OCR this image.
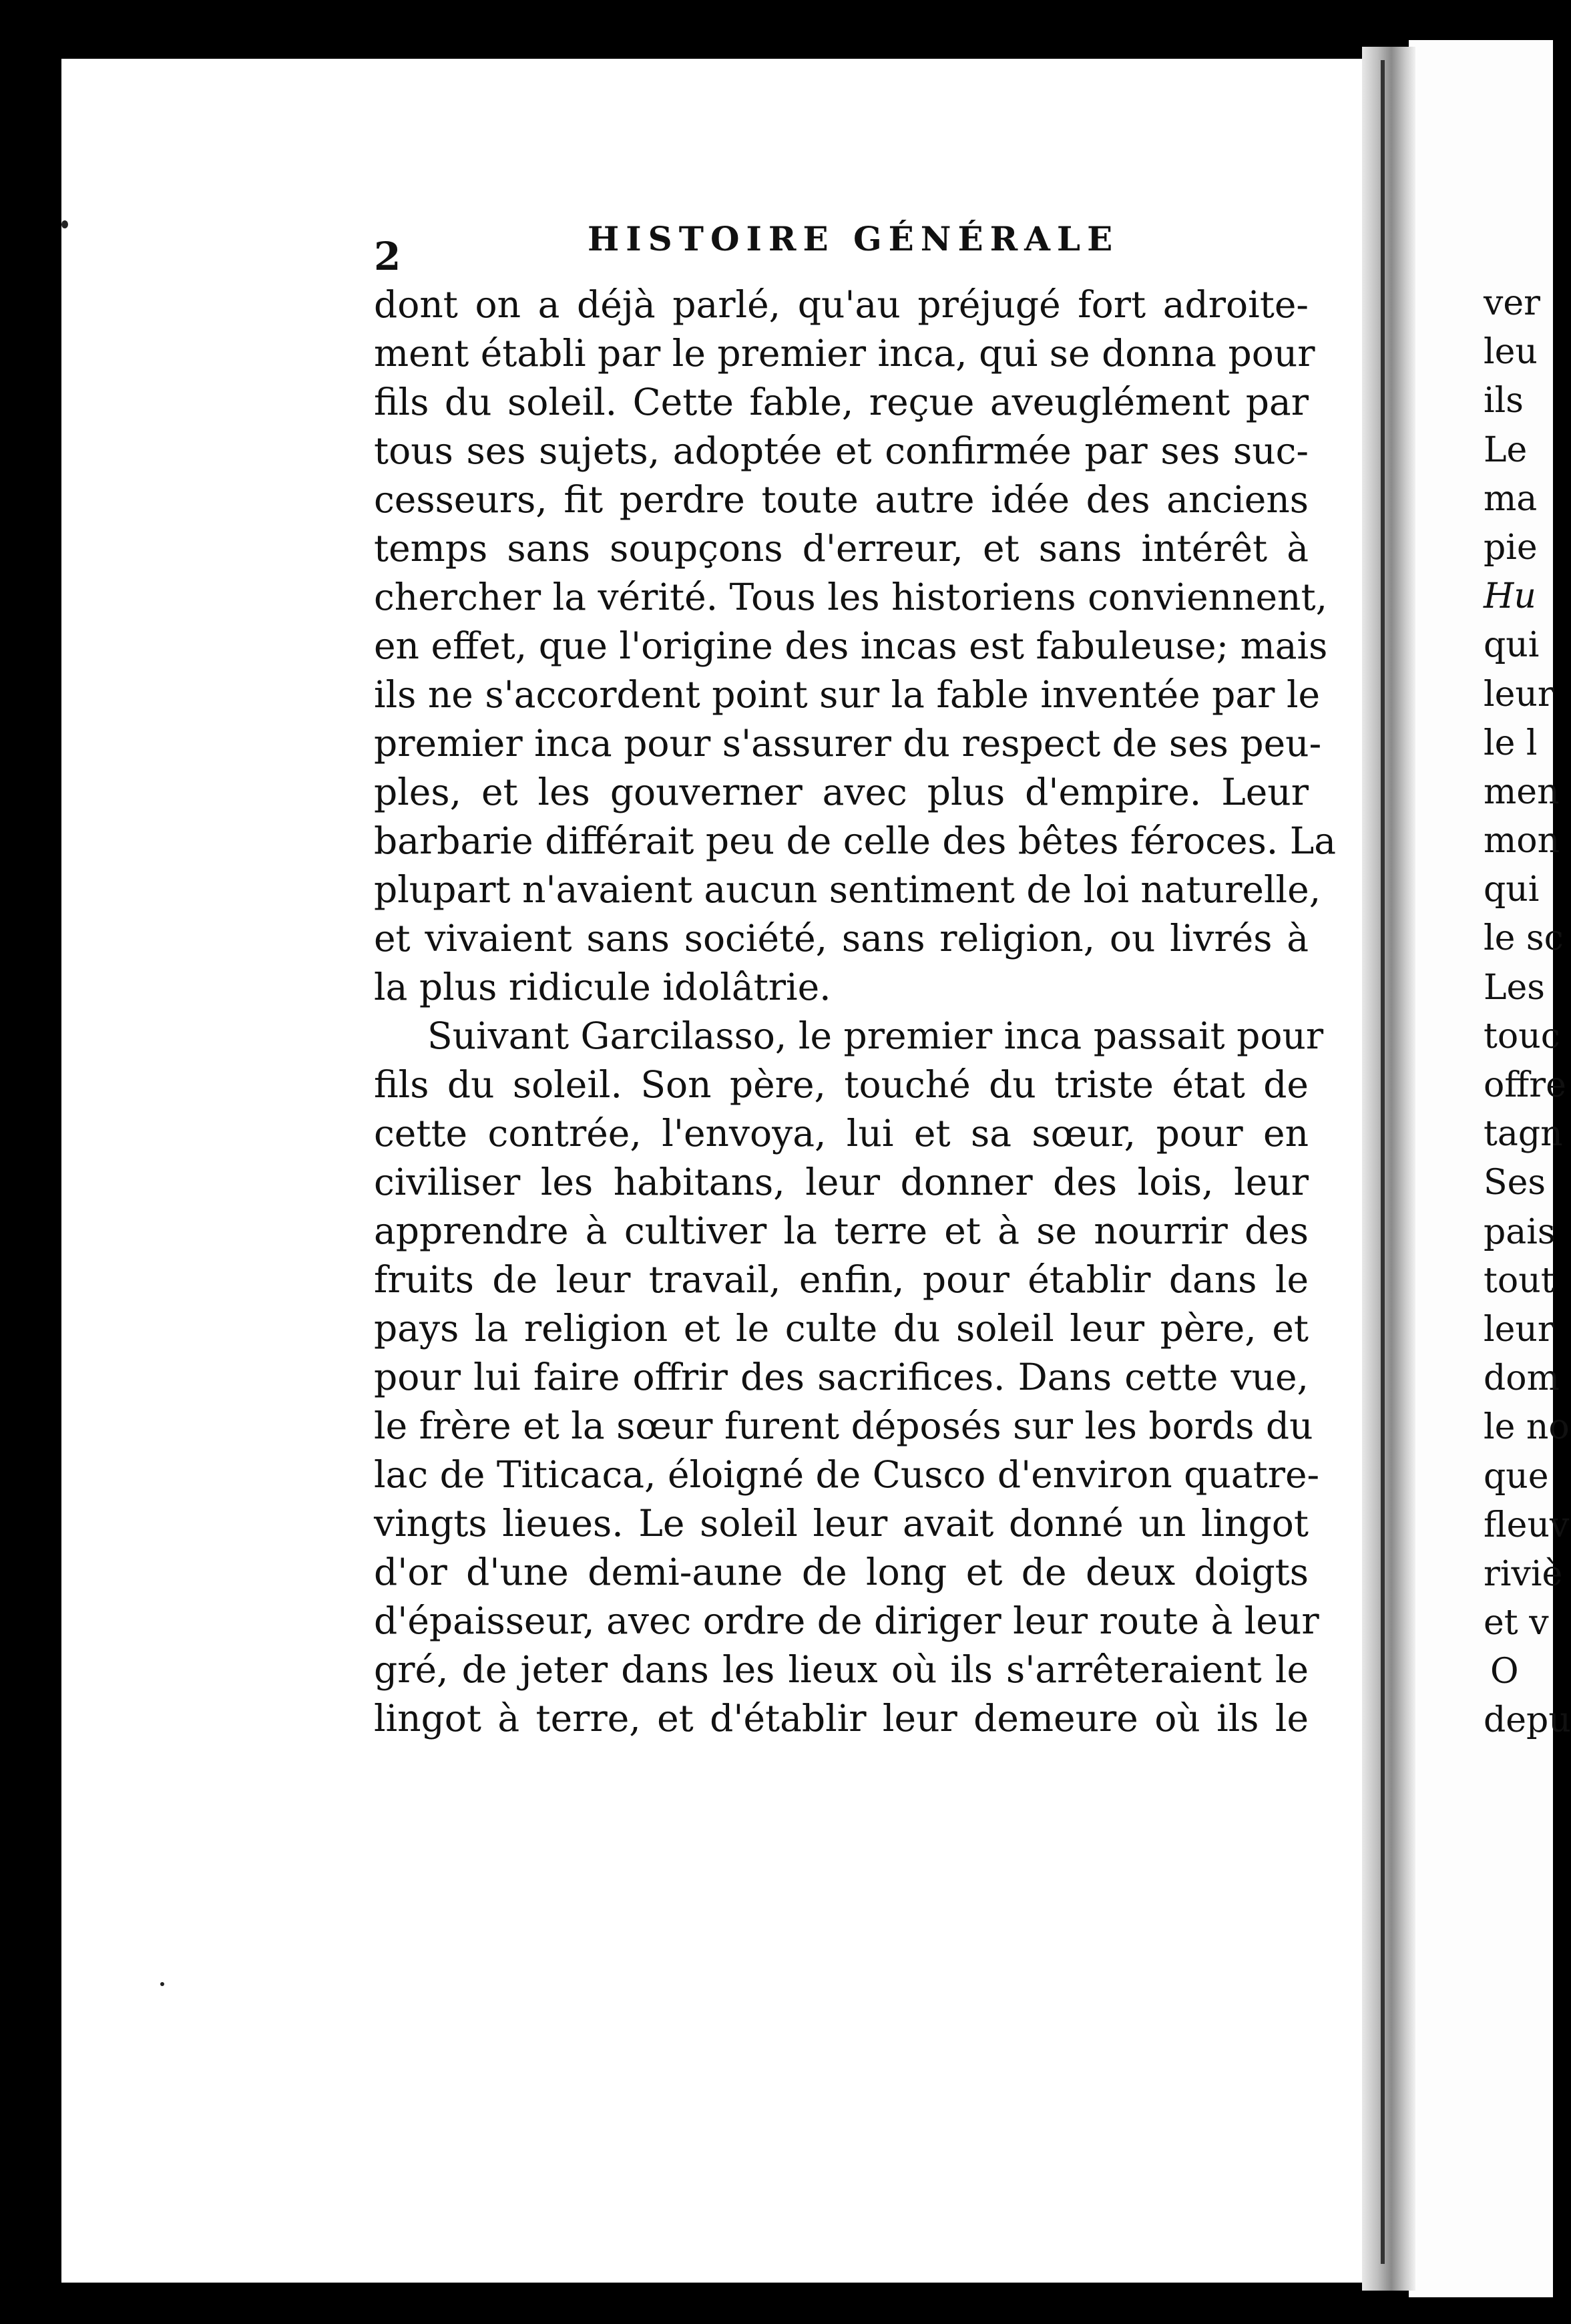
2	HISTOIRE GÉNÉRALE
dont on a déjà parlé, qu'au préjugé fort adroite-
ment établi par le premier inca, qui se donna pour
fils du soleil. Cette fable, reçue aveuglément par
tous ses sujets, adoptée et confirmée par ses suc-
cesseurs, fit perdre toute autre idée des anciens
temps sans soupçons d'erreur, et sans intérêt à
chercher la vérité. Tous les historiens conviennent,
en effet, que l'origine des incas est fabuleuse; mais
ils ne s'accordent point sur la fable inventée par le
premier inca pour s'assurer du respect de ses peu-
ples, et les gouverner avec plus d'empire. Leur
barbarie différait peu de celle des bêtes féroces. La
plupart n'avaient aucun sentiment de loi naturelle,
et vivaient sans société, sans religion, ou livrés à
la plus ridicule idolâtrie.
Suivant Garcilasso, le premier inca passait pour
fils du soleil. Son père, touché du triste état de
cette contrée, l'envoya, lui et sa sœur, pour en
civiliser les habitans, leur donner des lois, leur
apprendre à cultiver la terre et à se nourrir des
fruits de leur travail, enfin, pour établir dans le
pays la religion et le culte du soleil leur père, et
pour lui faire offrir des sacrifices. Dans cette vue,
le frère et la sœur furent déposés sur les bords du
lac de Titicaca, éloigné de Cusco d'environ quatre-
vingts lieues. Le soleil leur avait donné un lingot
d'or d'une demi-aune de long et de deux doigts
d'épaisseur, avec ordre de diriger leur route à leur
gré, de jeter dans les lieux où ils s'arrêteraient le
lingot à terre, et d'établir leur demeure où ils le
ver
leu
ils
Le
ma
pie
Hu
qui
leur
le l
men
mon
qui
le sc
Les
touc
offre
tagn
Ses
pais
tout
leur
dom
le no
que
fleuv
riviè
et v
O
depu
